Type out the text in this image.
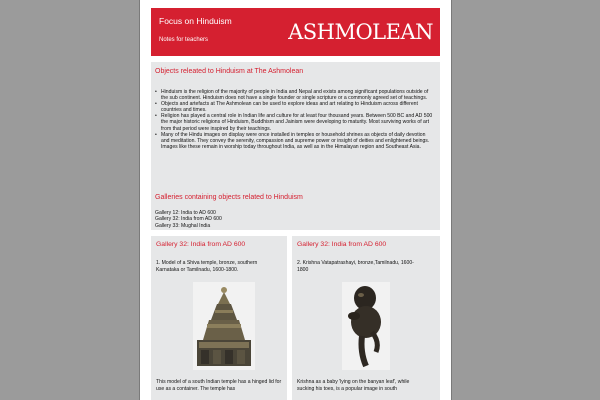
Focus on Hinduism
Notes for teachers	ASHMOLEAN
Objects releated to Hinduism at The Ashmolean
• Hinduism is the religion of the majority of people in India and Nepal and exists among significant populations outside of the sub continent. Hinduism does not have a single founder or single scripture or a commonly agreed set of teachings.
• Objects and artefacts at The Ashmolean can be used to explore ideas and art relating to Hinduism across different countries and times.
• Religion has played a central role in Indian life and culture for at least four thousand years. Between 500 BC and AD 500 the major historic religions of Hinduism, Buddhism and Jainism were developing to maturity. Most surviving works of art from that period were inspired by their teachings.
• Many of the Hindu images on display were once installed in temples or household shrines as objects of daily devotion and meditation. They convey the serenity, compassion and supreme power or insight of deities and enlightened beings. Images like these remain in worship today throughout India, as well as in the Himalayan region and Southeast Asia.
Galleries containing objects related to Hinduism
Gallery 12: India to AD 600
Gallery 32: India from AD 600
Gallery 33: Mughal India
Gallery 32: India from AD 600
1. Model of a Shiva temple, bronze, southern Karnataka or Tamilnadu, 1600-1800.
This model of a south Indian temple has a hinged lid for use as a container. The temple has
Gallery 32: India from AD 600
2. Krishna Vatapatrashayi, bronze,Tamilnadu, 1600-1800
Krishna as a baby 'lying on the banyan leaf', while sucking his toes, is a popular image in south
